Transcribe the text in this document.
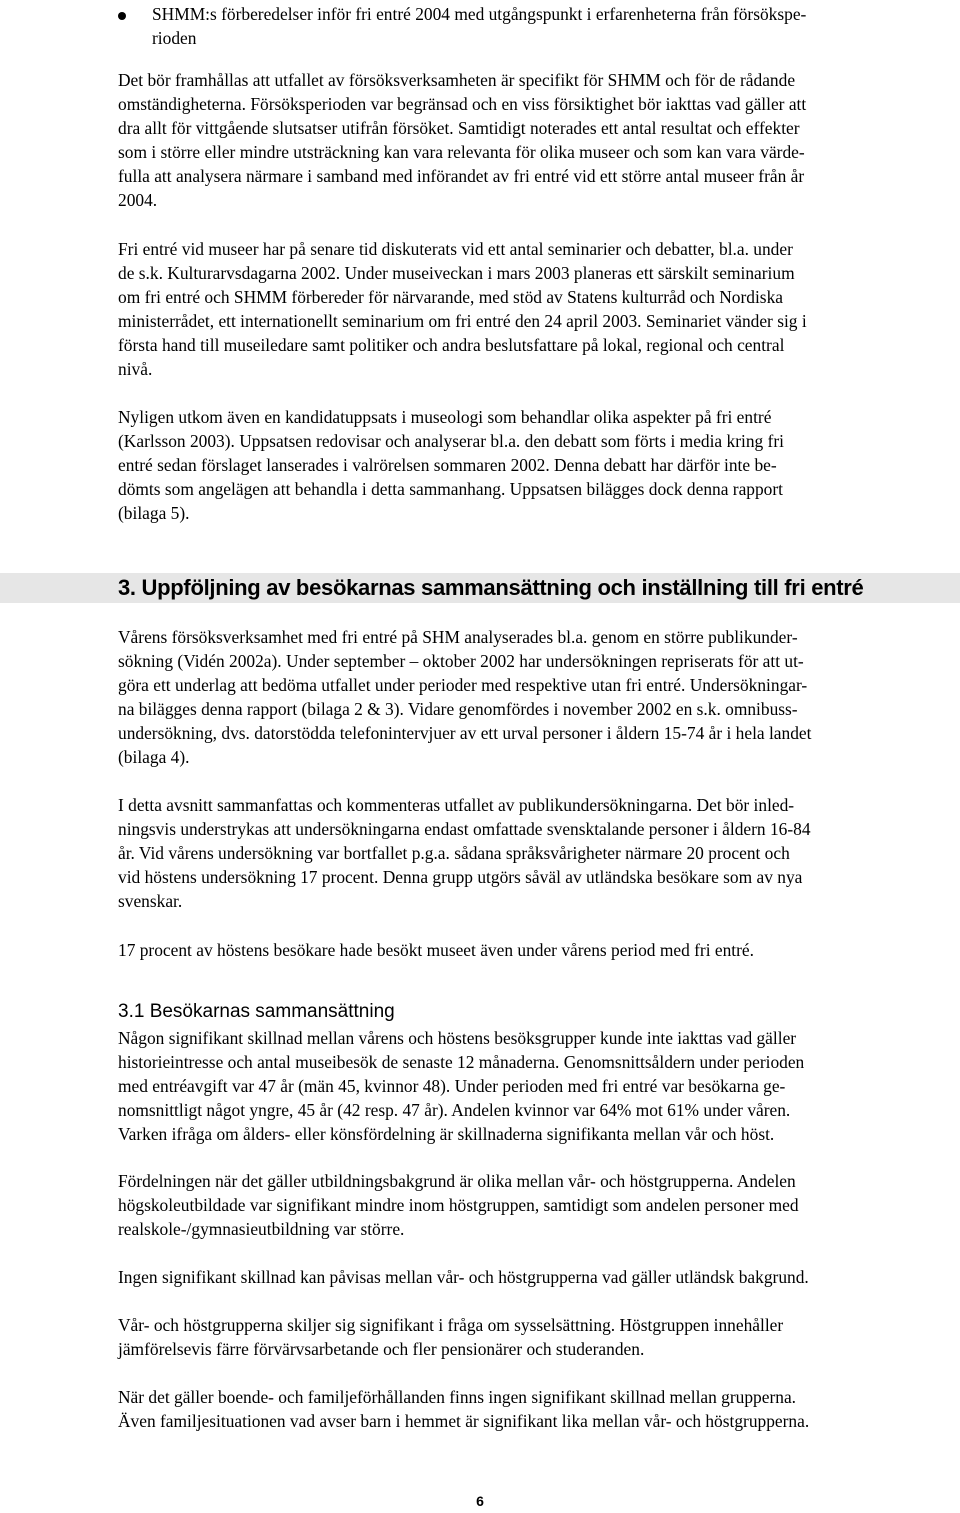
SHMM:s förberedelser inför fri entré 2004 med utgångspunkt i erfarenheterna från försökspe-
rioden
Det bör framhållas att utfallet av försöksverksamheten är specifikt för SHMM och för de rådande
omständigheterna. Försöksperioden var begränsad och en viss försiktighet bör iakttas vad gäller att
dra allt för vittgående slutsatser utifrån försöket. Samtidigt noterades ett antal resultat och effekter
som i större eller mindre utsträckning kan vara relevanta för olika museer och som kan vara värde-
fulla att analysera närmare i samband med införandet av fri entré vid ett större antal museer från år
2004.
Fri entré vid museer har på senare tid diskuterats vid ett antal seminarier och debatter, bl.a. under
de s.k. Kulturarvsdagarna 2002. Under museiveckan i mars 2003 planeras ett särskilt seminarium
om fri entré och SHMM förbereder för närvarande, med stöd av Statens kulturråd och Nordiska
ministerrådet, ett internationellt seminarium om fri entré den 24 april 2003. Seminariet vänder sig i
första hand till museiledare samt politiker och andra beslutsfattare på lokal, regional och central
nivå.
Nyligen utkom även en kandidatuppsats i museologi som behandlar olika aspekter på fri entré
(Karlsson 2003). Uppsatsen redovisar och analyserar bl.a. den debatt som förts i media kring fri
entré sedan förslaget lanserades i valrörelsen sommaren 2002. Denna debatt har därför inte be-
dömts som angelägen att behandla i detta sammanhang. Uppsatsen bilägges dock denna rapport
(bilaga 5).
3. Uppföljning av besökarnas sammansättning och inställning till fri entré
Vårens försöksverksamhet med fri entré på SHM analyserades bl.a. genom en större publikunder-
sökning (Vidén 2002a). Under september – oktober 2002 har undersökningen repriserats för att ut-
göra ett underlag att bedöma utfallet under perioder med respektive utan fri entré. Undersökningar-
na bilägges denna rapport (bilaga 2 & 3). Vidare genomfördes i november 2002 en s.k. omnibuss-
undersökning, dvs. datorstödda telefonintervjuer av ett urval personer i åldern 15-74 år i hela landet
(bilaga 4).
I detta avsnitt sammanfattas och kommenteras utfallet av publikundersökningarna. Det bör inled-
ningsvis understrykas att undersökningarna endast omfattade svensktalande personer i åldern 16-84
år. Vid vårens undersökning var bortfallet p.g.a. sådana språksvårigheter närmare 20 procent och
vid höstens undersökning 17 procent. Denna grupp utgörs såväl av utländska besökare som av nya
svenskar.
17 procent av höstens besökare hade besökt museet även under vårens period med fri entré.
3.1 Besökarnas sammansättning
Någon signifikant skillnad mellan vårens och höstens besöksgrupper kunde inte iakttas vad gäller
historieintresse och antal museibesök de senaste 12 månaderna. Genomsnittsåldern under perioden
med entréavgift var 47 år (män 45, kvinnor 48). Under perioden med fri entré var besökarna ge-
nomsnittligt något yngre, 45 år (42 resp. 47 år). Andelen kvinnor var 64% mot 61% under våren.
Varken ifråga om ålders- eller könsfördelning är skillnaderna signifikanta mellan vår och höst.
Fördelningen när det gäller utbildningsbakgrund är olika mellan vår- och höstgrupperna. Andelen
högskoleutbildade var signifikant mindre inom höstgruppen, samtidigt som andelen personer med
realskole-/gymnasieutbildning var större.
Ingen signifikant skillnad kan påvisas mellan vår- och höstgrupperna vad gäller utländsk bakgrund.
Vår- och höstgrupperna skiljer sig signifikant i fråga om sysselsättning. Höstgruppen innehåller
jämförelsevis färre förvärvsarbetande och fler pensionärer och studeranden.
När det gäller boende- och familjeförhållanden finns ingen signifikant skillnad mellan grupperna.
Även familjesituationen vad avser barn i hemmet är signifikant lika mellan vår- och höstgrupperna.
6
